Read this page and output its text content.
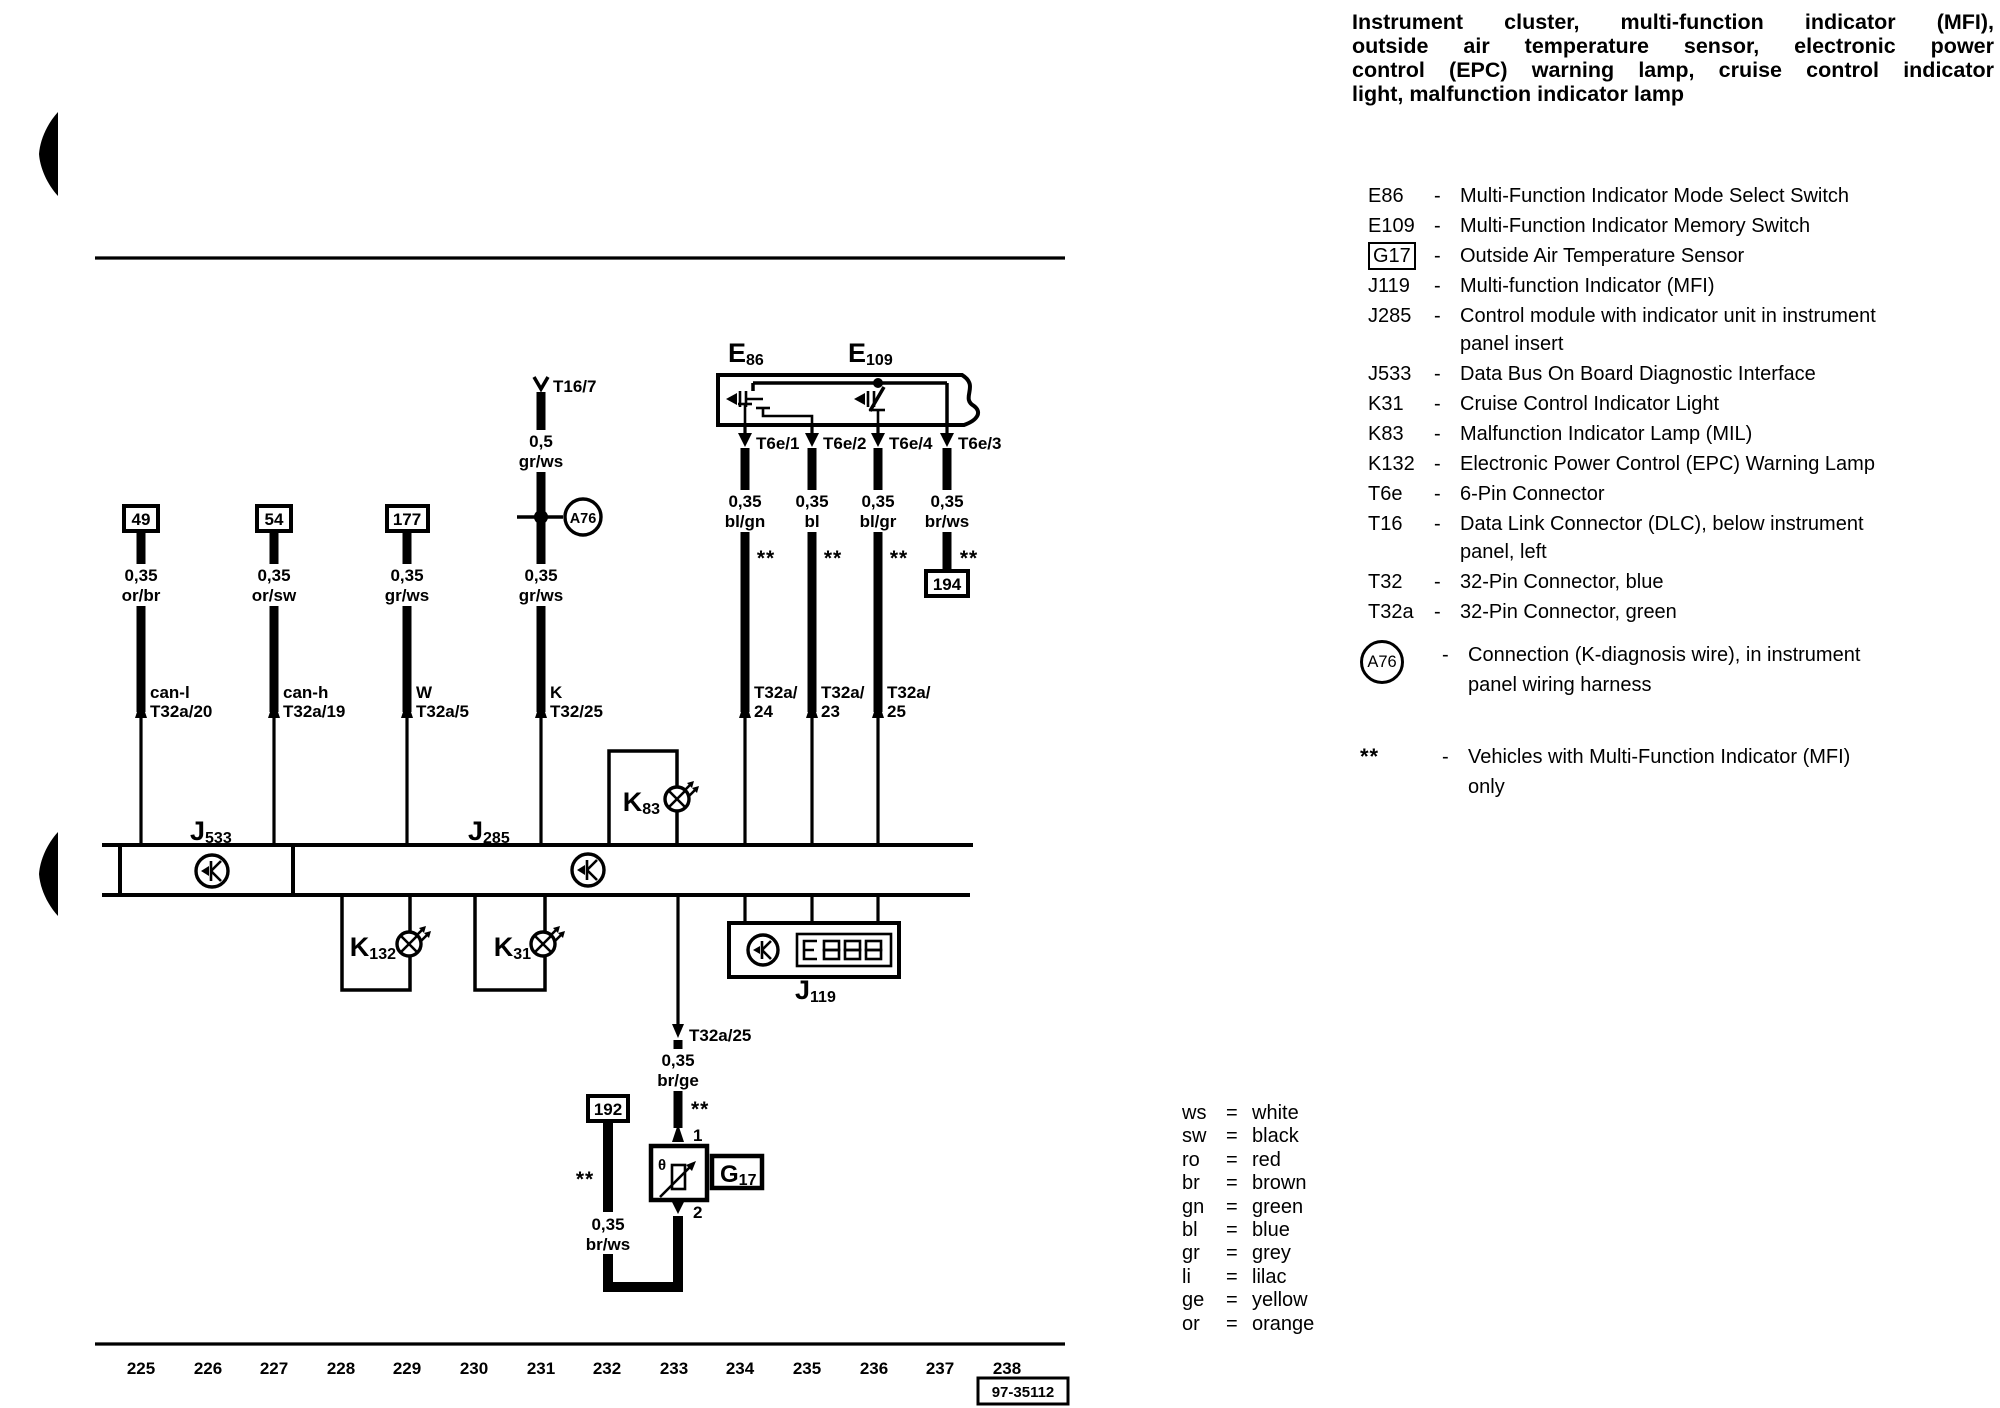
49	54	177
0,35
or/br
can-l
T32a/20
0,35
or/sw
can-h
T32a/19
0,35
gr/ws
W
T32a/5
T16/7
0,5
gr/ws
A76
0,35
gr/ws
K
T32/25
E86	E109
T6e/1
0,35
bl/gn
**
T32a/
24
T6e/2
0,35
bl
**
T32a/
23
T6e/4
0,35
bl/gr
**
T32a/
25
T6e/3
0,35
br/ws
**
194
K83
J533	J285
K132	K31
J119
T32a/25
0,35
br/ge
**
1
θ G17
2
192
**
0,35
br/ws
225 226 227 228 229 230 231 232 233 234 235 236 237 238
97-35112
Instrument cluster, multi-function indicator (MFI),
outside air temperature sensor, electronic power
control (EPC) warning lamp, cruise control indicator
light, malfunction indicator lamp
E86	- Multi-Function Indicator Mode Select Switch
E109 - Multi-Function Indicator Memory Switch
G17	- Outside Air Temperature Sensor
J119	- Multi-function Indicator (MFI)
J285	- Control module with indicator unit in instrument
panel insert
J533	- Data Bus On Board Diagnostic Interface
K31	- Cruise Control Indicator Light
K83	- Malfunction Indicator Lamp (MIL)
K132 - Electronic Power Control (EPC) Warning Lamp
T6e	- 6-Pin Connector
T16	- Data Link Connector (DLC), below instrument
panel, left
T32	- 32-Pin Connector, blue
T32a	- 32-Pin Connector, green
A76	- Connection (K-diagnosis wire), in instrument
panel wiring harness
**	- Vehicles with Multi-Function Indicator (MFI)
only
ws = white
sw = black
ro	= red
br	= brown
gn	= green
bl	= blue
gr	= grey
li	= lilac
ge	= yellow
or	= orange
